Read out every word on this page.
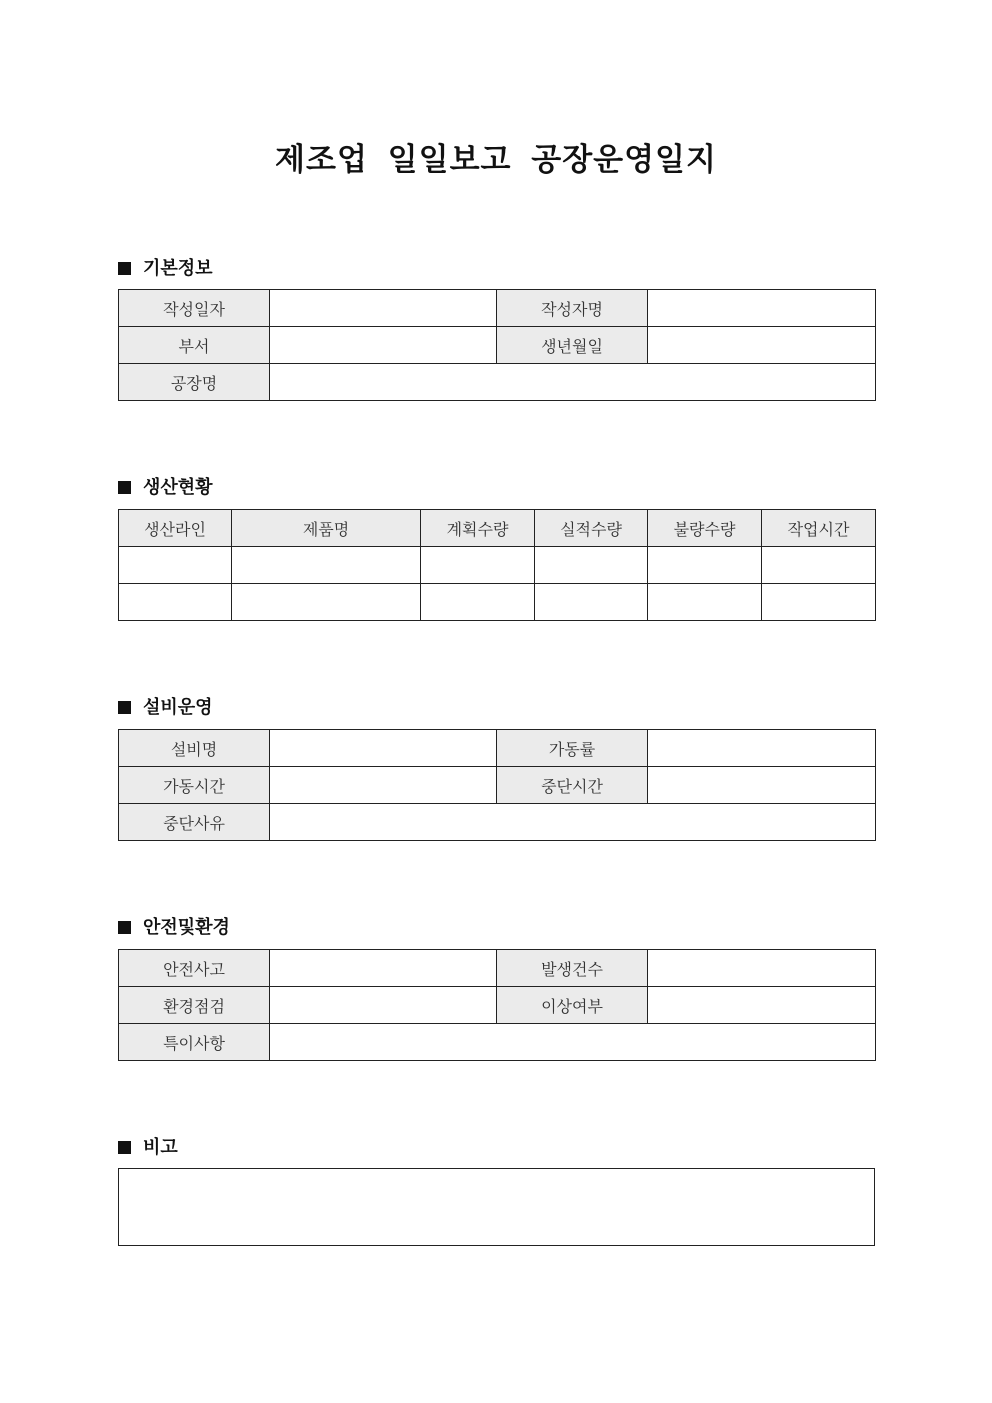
제조업 일일보고 공장운영일지
기본정보
작성일자		작성자명	
부서		생년월일	
공장명			
생산현황
생산라인	제품명	계획수량	실적수량	불량수량	작업시간

설비운영
설비명		가동률	
가동시간		중단시간	
중단사유			
안전및환경
안전사고		발생건수	
환경점검		이상여부	
특이사항			
비고
